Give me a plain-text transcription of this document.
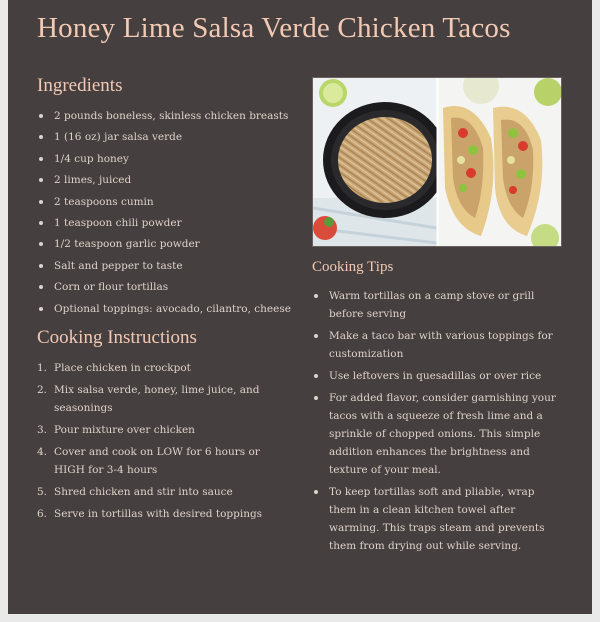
Honey Lime Salsa Verde Chicken Tacos
Ingredients
2 pounds boneless, skinless chicken breasts
1 (16 oz) jar salsa verde
1/4 cup honey
2 limes, juiced
2 teaspoons cumin
1 teaspoon chili powder
1/2 teaspoon garlic powder
Salt and pepper to taste
Corn or flour tortillas
Optional toppings: avocado, cilantro, cheese
Cooking Instructions
1. Place chicken in crockpot
2. Mix salsa verde, honey, lime juice, and seasonings
3. Pour mixture over chicken
4. Cover and cook on LOW for 6 hours or HIGH for 3-4 hours
5. Shred chicken and stir into sauce
6. Serve in tortillas with desired toppings
Cooking Tips
Warm tortillas on a camp stove or grill before serving
Make a taco bar with various toppings for customization
Use leftovers in quesadillas or over rice
For added flavor, consider garnishing your tacos with a squeeze of fresh lime and a sprinkle of chopped onions. This simple addition enhances the brightness and texture of your meal.
To keep tortillas soft and pliable, wrap them in a clean kitchen towel after warming. This traps steam and prevents them from drying out while serving.
